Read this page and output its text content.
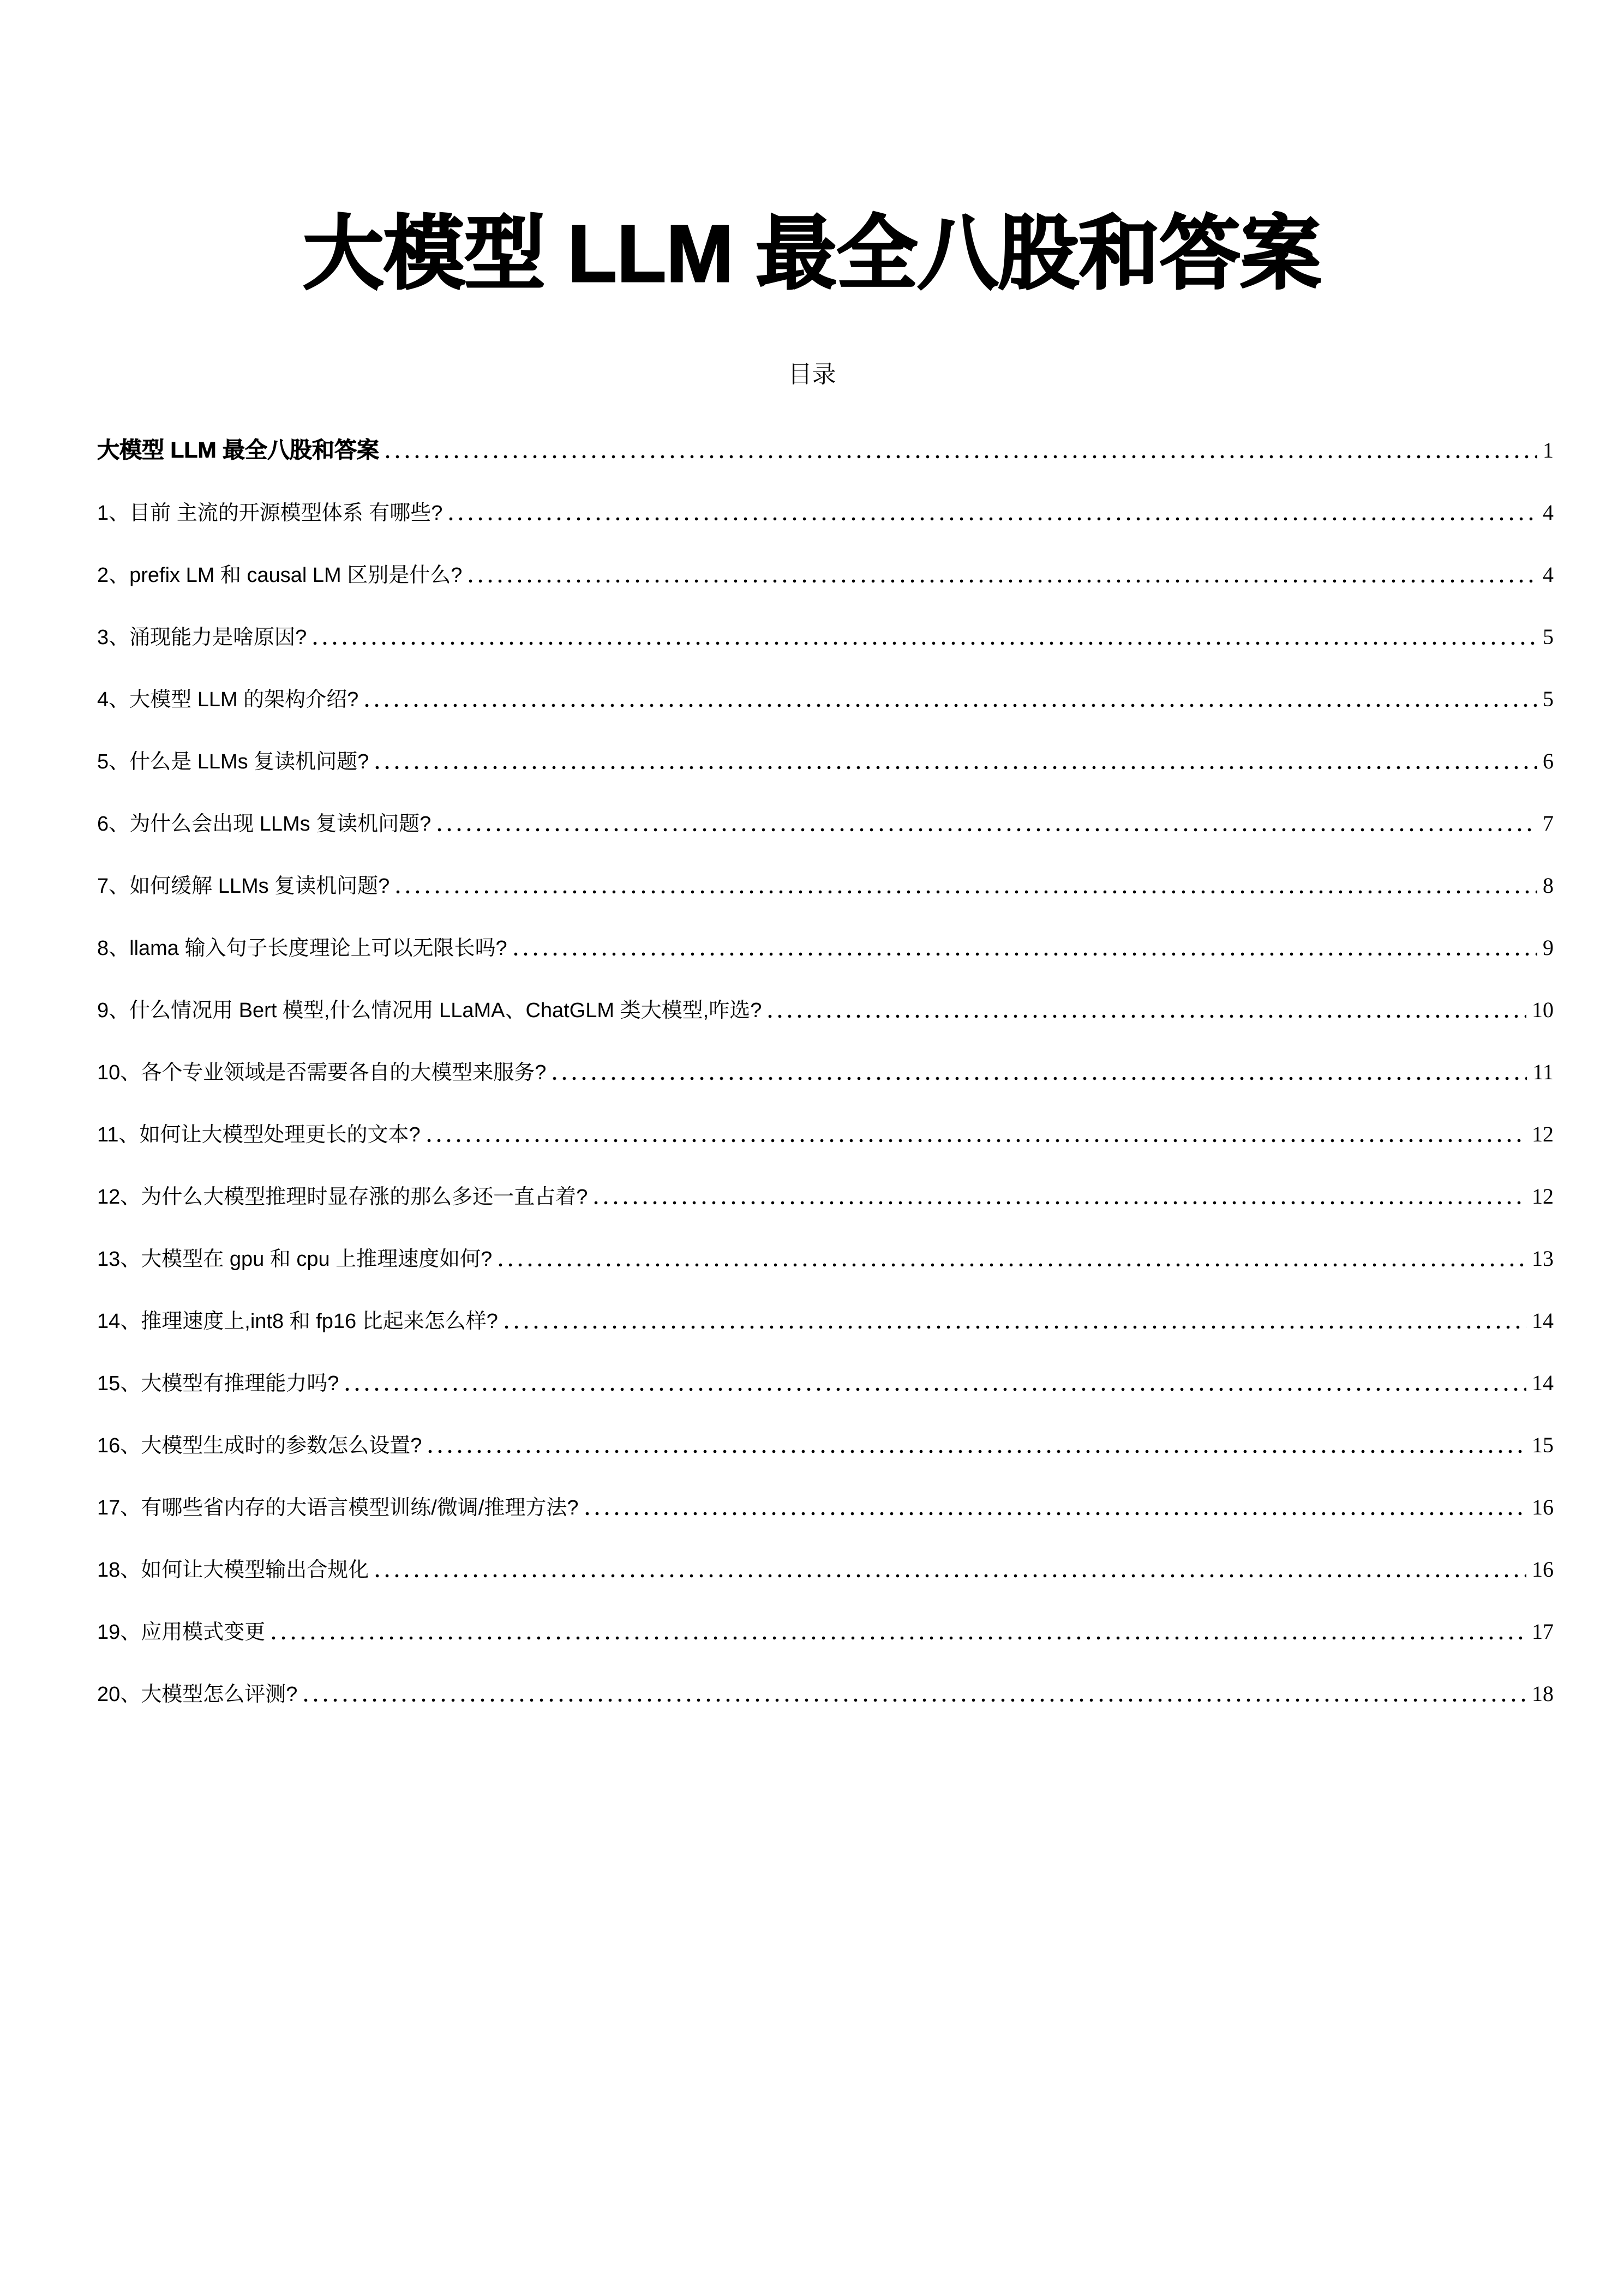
大模型 LLM 最全八股和答案
目录
大模型 LLM 最全八股和答案	1
1、目前 主流的开源模型体系 有哪些?	4
2、prefix LM 和 causal LM 区别是什么?	4
3、涌现能力是啥原因?	5
4、大模型 LLM 的架构介绍?	5
5、什么是 LLMs 复读机问题?	6
6、为什么会出现 LLMs 复读机问题?	7
7、如何缓解 LLMs 复读机问题?	8
8、llama 输入句子长度理论上可以无限长吗?	9
9、什么情况用 Bert 模型,什么情况用 LLaMA、ChatGLM 类大模型,咋选?	10
10、各个专业领域是否需要各自的大模型来服务?	11
11、如何让大模型处理更长的文本?	12
12、为什么大模型推理时显存涨的那么多还一直占着?	12
13、大模型在 gpu 和 cpu 上推理速度如何?	13
14、推理速度上,int8 和 fp16 比起来怎么样?	14
15、大模型有推理能力吗?	14
16、大模型生成时的参数怎么设置?	15
17、有哪些省内存的大语言模型训练/微调/推理方法?	16
18、如何让大模型输出合规化	16
19、应用模式变更	17
20、大模型怎么评测?	18
